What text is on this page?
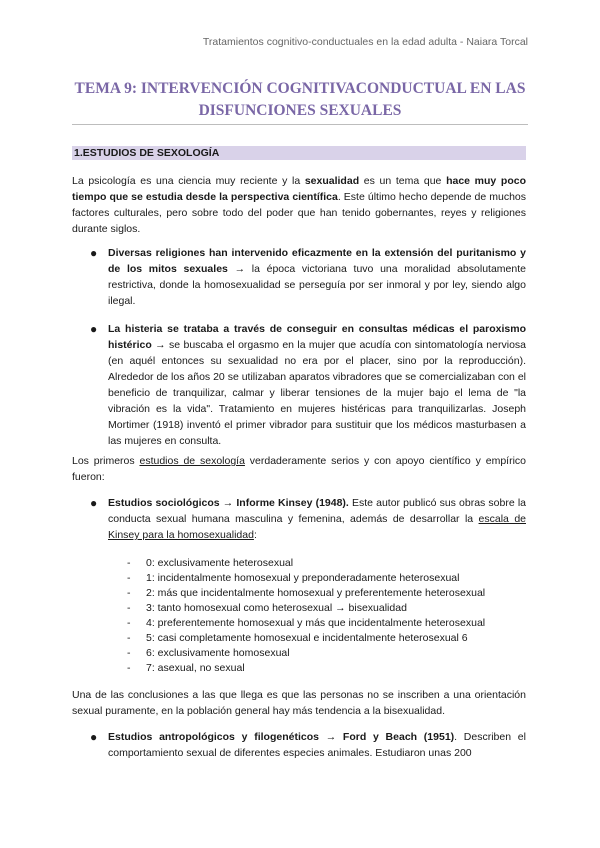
Tratamientos cognitivo-conductuales en la edad adulta - Naiara Torcal
TEMA 9: INTERVENCIÓN COGNITIVACONDUCTUAL EN LAS
DISFUNCIONES SEXUALES
1.ESTUDIOS DE SEXOLOGÍA
La psicología es una ciencia muy reciente y la sexualidad es un tema que hace muy poco tiempo que se estudia desde la perspectiva científica. Este último hecho depende de muchos factores culturales, pero sobre todo del poder que han tenido gobernantes, reyes y religiones durante siglos.
● Diversas religiones han intervenido eficazmente en la extensión del puritanismo y de los mitos sexuales → la época victoriana tuvo una moralidad absolutamente restrictiva, donde la homosexualidad se perseguía por ser inmoral y por ley, siendo algo ilegal.
● La histeria se trataba a través de conseguir en consultas médicas el paroxismo histérico → se buscaba el orgasmo en la mujer que acudía con sintomatología nerviosa (en aquél entonces su sexualidad no era por el placer, sino por la reproducción). Alrededor de los años 20 se utilizaban aparatos vibradores que se comercializaban con el beneficio de tranquilizar, calmar y liberar tensiones de la mujer bajo el lema de "la vibración es la vida". Tratamiento en mujeres histéricas para tranquilizarlas. Joseph Mortimer (1918) inventó el primer vibrador para sustituir que los médicos masturbasen a las mujeres en consulta.
Los primeros estudios de sexología verdaderamente serios y con apoyo científico y empírico fueron:
● Estudios sociológicos → Informe Kinsey (1948). Este autor publicó sus obras sobre la conducta sexual humana masculina y femenina, además de desarrollar la escala de Kinsey para la homosexualidad:
- 0: exclusivamente heterosexual
- 1: incidentalmente homosexual y preponderadamente heterosexual
- 2: más que incidentalmente homosexual y preferentemente heterosexual
- 3: tanto homosexual como heterosexual → bisexualidad
- 4: preferentemente homosexual y más que incidentalmente heterosexual
- 5: casi completamente homosexual e incidentalmente heterosexual 6
- 6: exclusivamente homosexual
- 7: asexual, no sexual
Una de las conclusiones a las que llega es que las personas no se inscriben a una orientación sexual puramente, en la población general hay más tendencia a la bisexualidad.
● Estudios antropológicos y filogenéticos → Ford y Beach (1951). Describen el comportamiento sexual de diferentes especies animales. Estudiaron unas 200
